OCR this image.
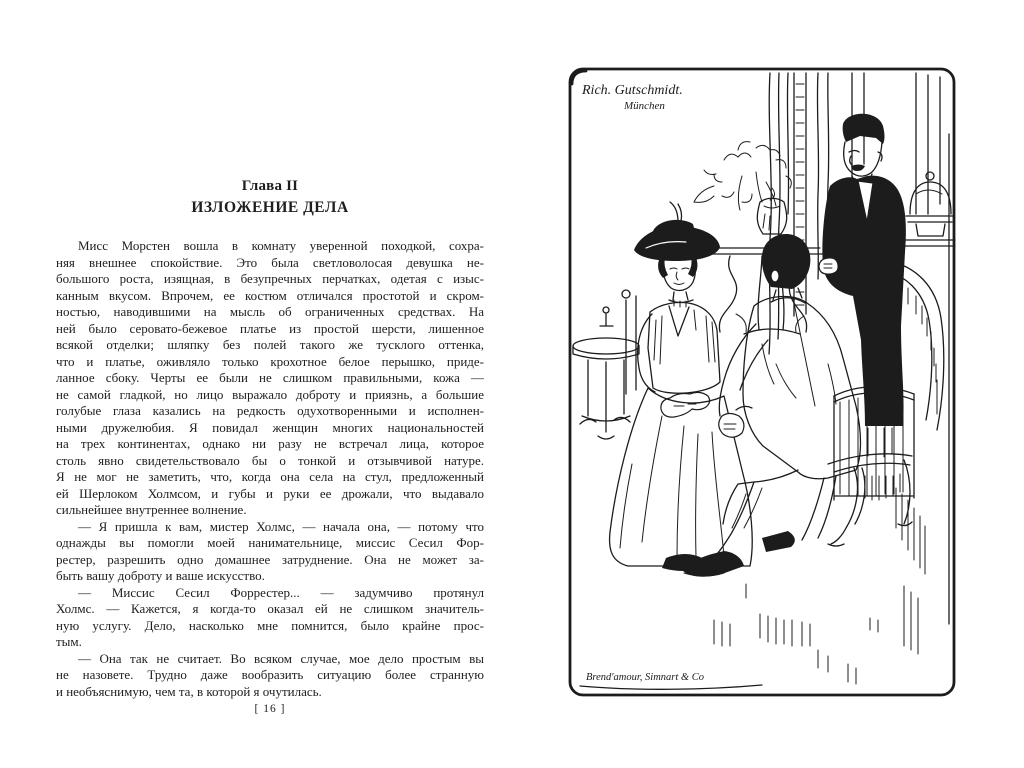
Глава II
ИЗЛОЖЕНИЕ ДЕЛА
Мисс Морстен вошла в комнату уверенной походкой, сохра-
няя внешнее спокойствие. Это была светловолосая девушка не-
большого роста, изящная, в безупречных перчатках, одетая с изыс-
канным вкусом. Впрочем, ее костюм отличался простотой и скром-
ностью, наводившими на мысль об ограниченных средствах. На
ней было серовато-бежевое платье из простой шерсти, лишенное
всякой отделки; шляпку без полей такого же тусклого оттенка,
что и платье, оживляло только крохотное белое перышко, приде-
ланное сбоку. Черты ее были не слишком правильными, кожа —
не самой гладкой, но лицо выражало доброту и приязнь, а большие
голубые глаза казались на редкость одухотворенными и исполнен-
ными дружелюбия. Я повидал женщин многих национальностей
на трех континентах, однако ни разу не встречал лица, которое
столь явно свидетельствовало бы о тонкой и отзывчивой натуре.
Я не мог не заметить, что, когда она села на стул, предложенный
ей Шерлоком Холмсом, и губы и руки ее дрожали, что выдавало
сильнейшее внутреннее волнение.
— Я пришла к вам, мистер Холмс, — начала она, — потому что
однажды вы помогли моей нанимательнице, миссис Сесил Фор-
рестер, разрешить одно домашнее затруднение. Она не может за-
быть вашу доброту и ваше искусство.
— Миссис Сесил Форрестер... — задумчиво протянул
Холмс. — Кажется, я когда-то оказал ей не слишком значитель-
ную услугу. Дело, насколько мне помнится, было крайне прос-
тым.
— Она так не считает. Во всяком случае, мое дело простым вы
не назовете. Трудно даже вообразить ситуацию более странную
и необъяснимую, чем та, в которой я очутилась.
[ 16 ]
Rich. Gutschmidt.
München
Brend'amour, Simnart & Co
